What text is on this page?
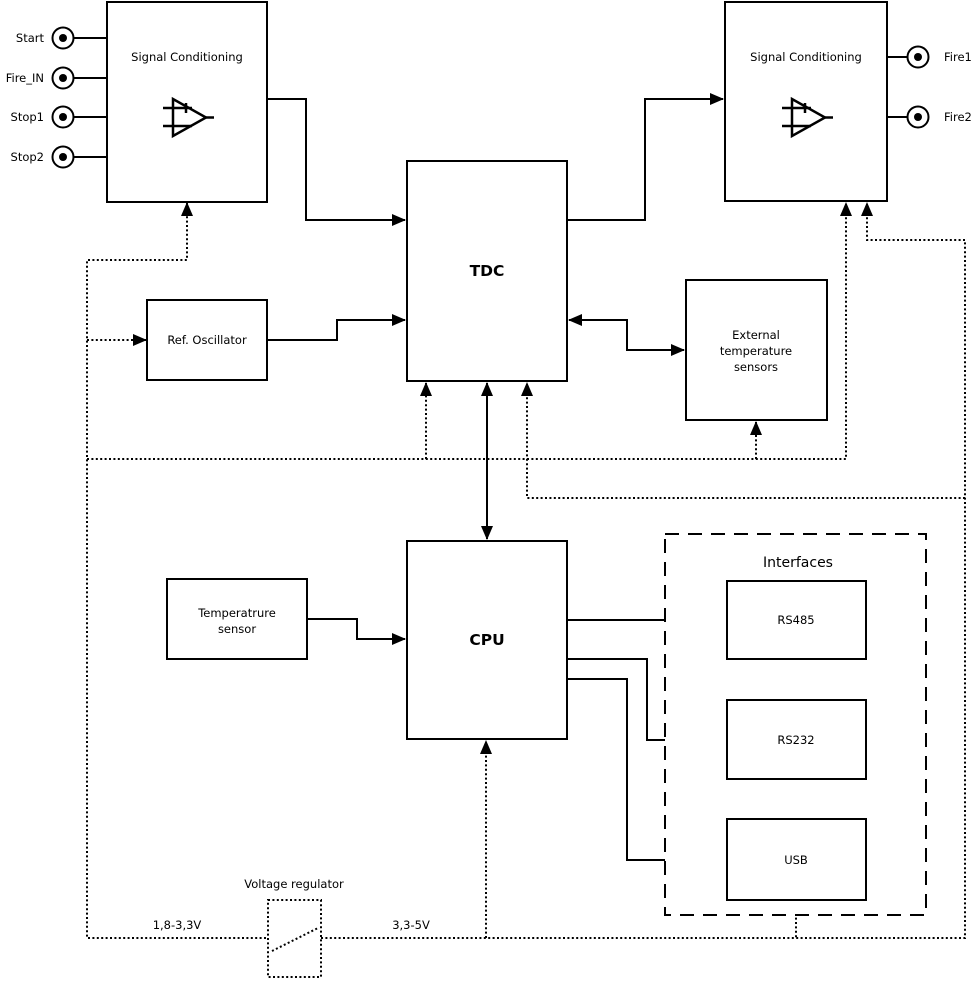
Signal Conditioning
Start
Fire_IN
Stop1
Stop2
Signal Conditioning	Fire1
Fire2
TDC
Ref. Oscillator	External
temperature
sensors
CPU
Temperatrure
sensor
Interfaces
RS485
RS232
USB
Voltage regulator
1,8-3,3V	3,3-5V
